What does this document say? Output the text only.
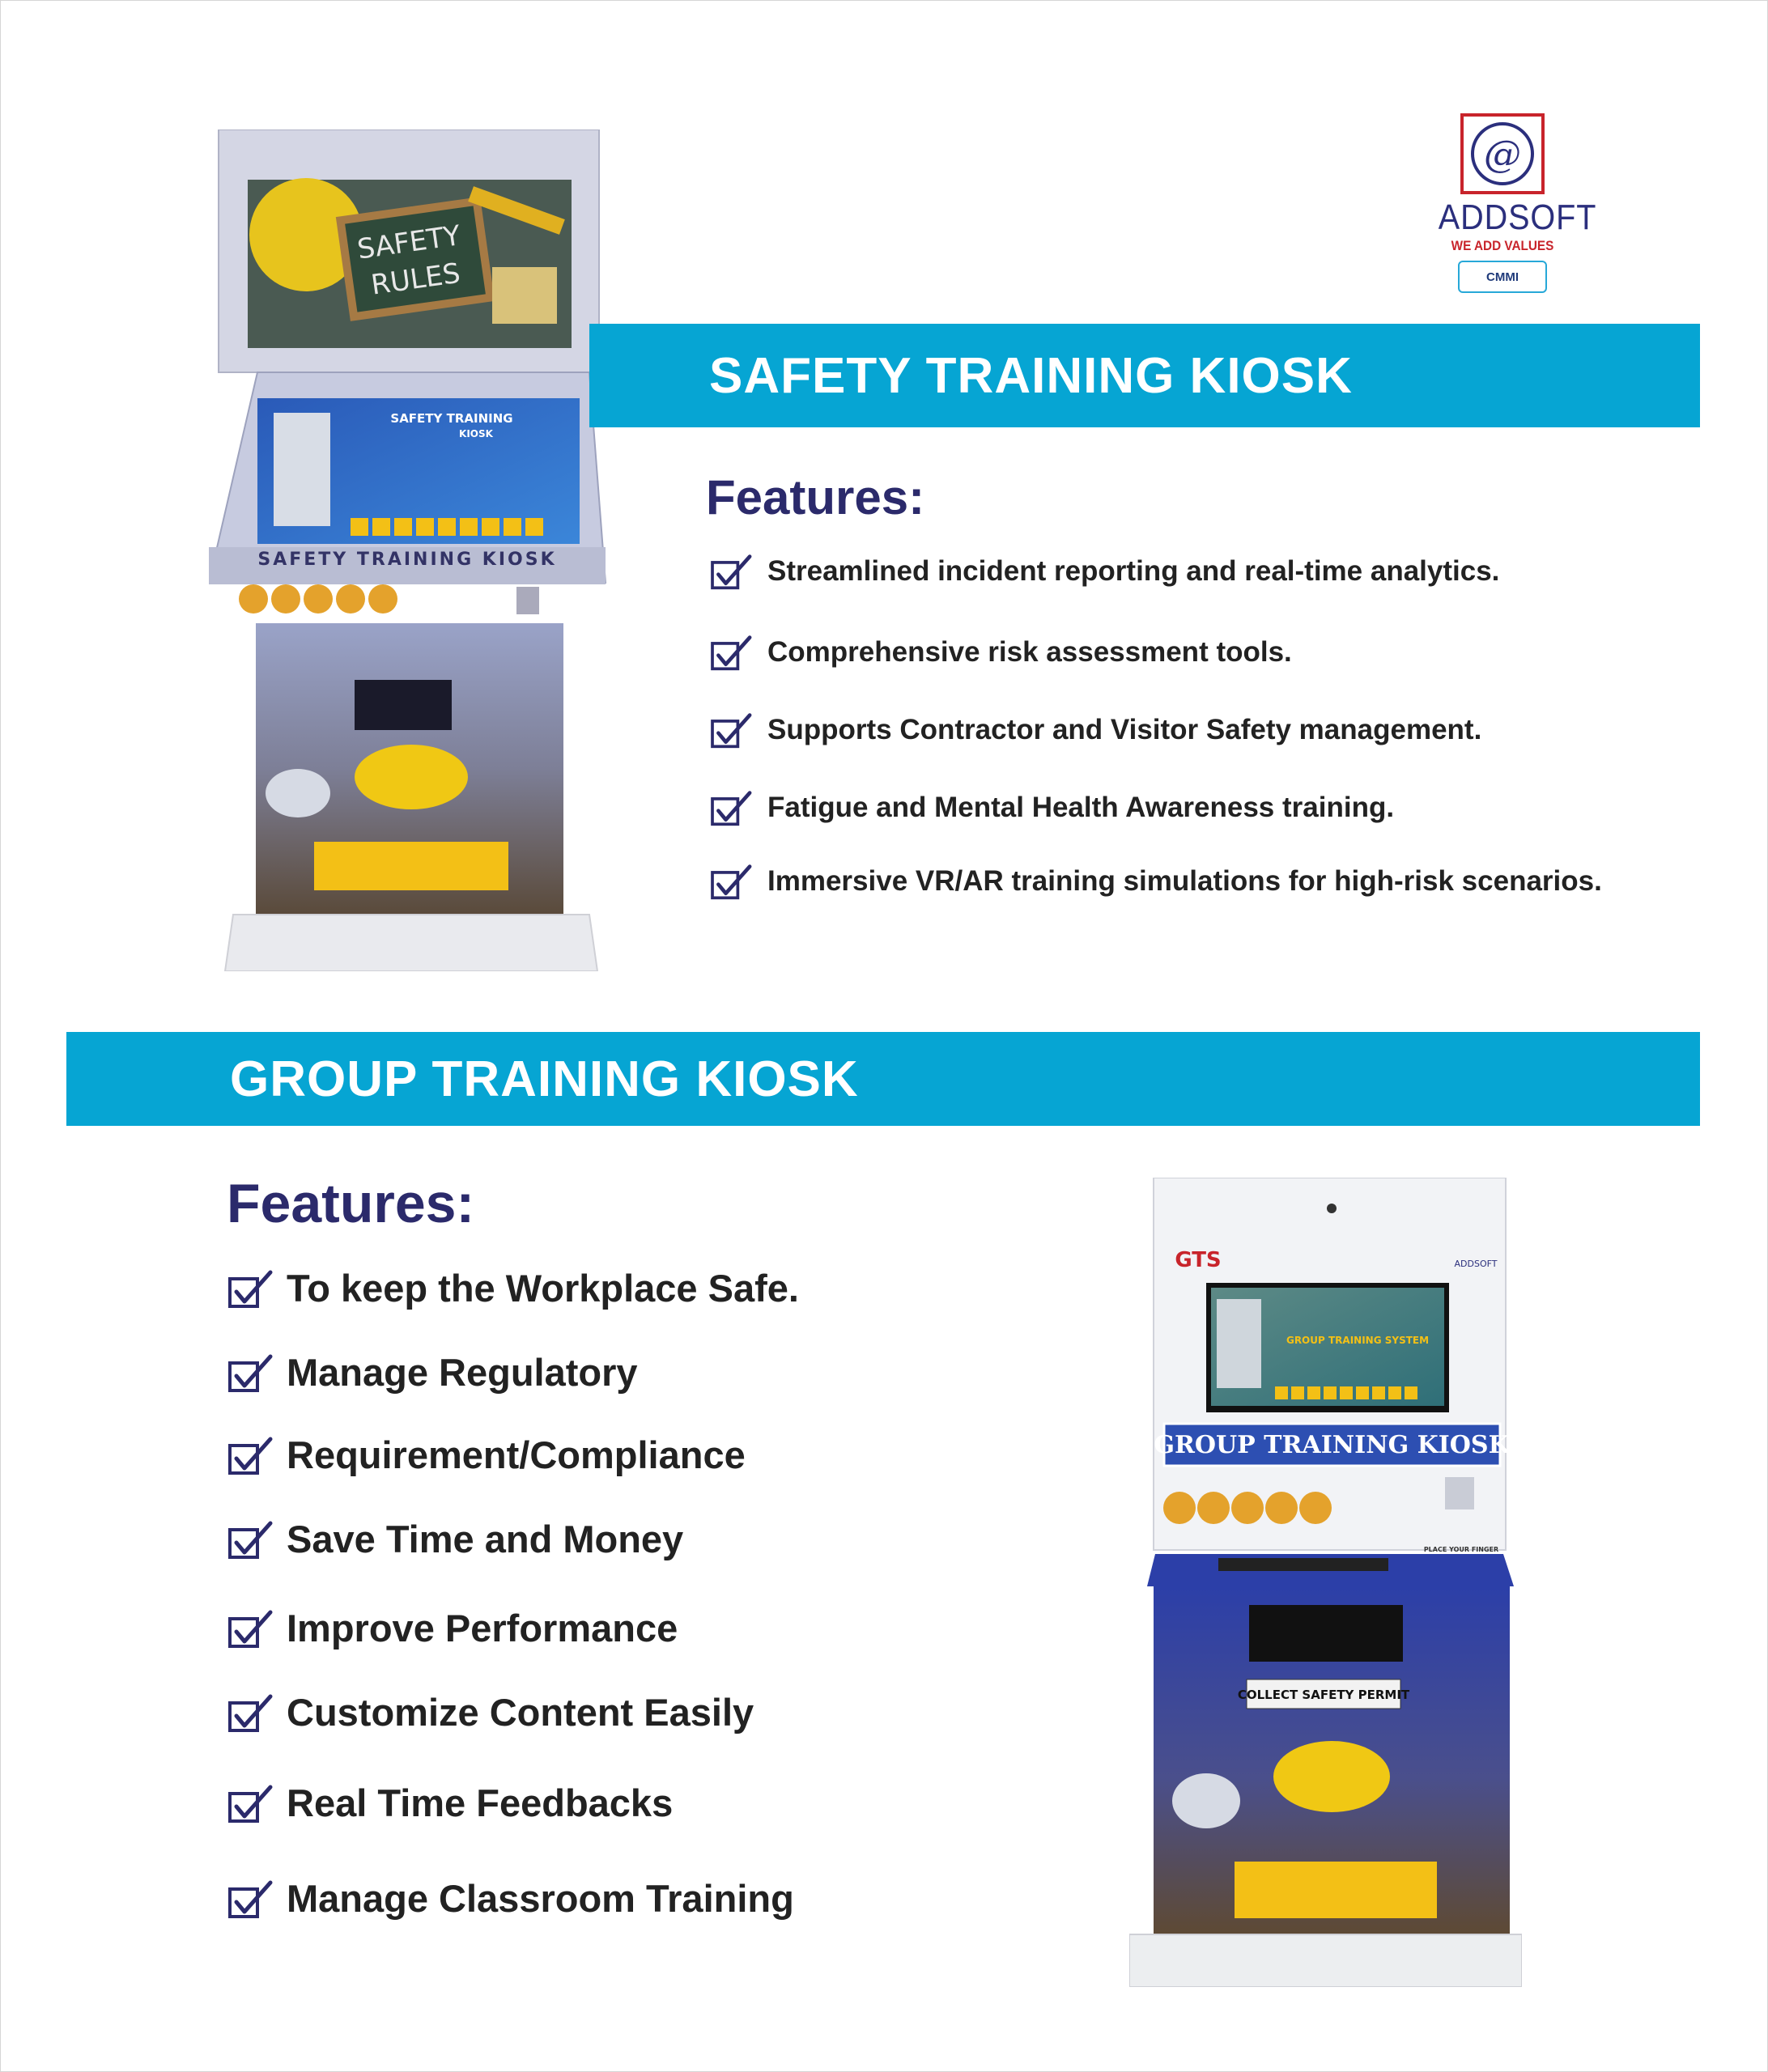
@
ADDSOFT
WE ADD VALUES
CMMI
SAFETY
RULES
SAFETY TRAINING
KIOSK
SAFETY TRAINING KIOSK
SAFETY TRAINING KIOSK
Features:
Streamlined incident reporting and real-time analytics.
Comprehensive risk assessment tools.
Supports Contractor and Visitor Safety management.
Fatigue and Mental Health Awareness training.
Immersive VR/AR training simulations for high-risk scenarios.
GROUP TRAINING KIOSK
Features:
To keep the Workplace Safe.
Manage Regulatory
Requirement/Compliance
Save Time and Money
Improve Performance
Customize Content Easily
Real Time Feedbacks
Manage Classroom Training
GTS	ADDSOFT
GROUP TRAINING SYSTEM
GROUP TRAINING KIOSK
PLACE YOUR FINGER
COLLECT SAFETY PERMIT
